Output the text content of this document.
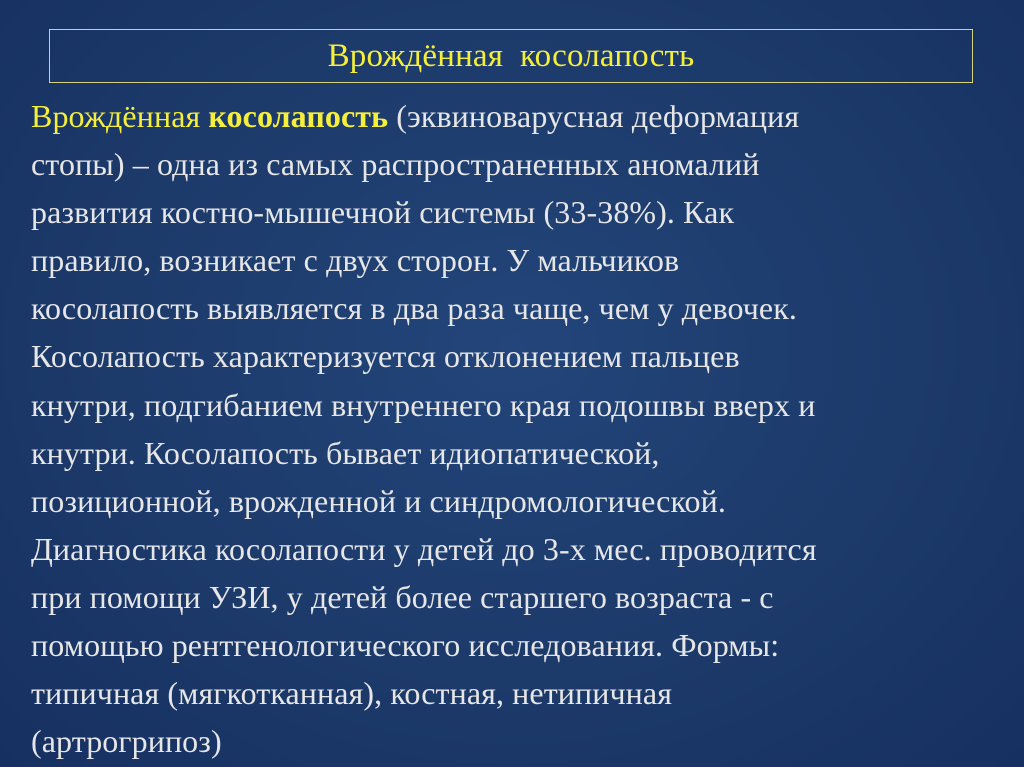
Врождённая  косолапость
Врождённая косолапость (эквиноварусная деформация
стопы) – одна из самых распространенных аномалий
развития костно-мышечной системы (33-38%). Как
правило, возникает с двух сторон. У мальчиков
косолапость выявляется в два раза чаще, чем у девочек.
Косолапость характеризуется отклонением пальцев
кнутри, подгибанием внутреннего края подошвы вверх и
кнутри. Косолапость бывает идиопатической,
позиционной, врожденной и синдромологической.
Диагностика косолапости у детей до 3-х мес. проводится
при помощи УЗИ, у детей более старшего возраста - с
помощью рентгенологического исследования. Формы:
типичная (мягкотканная), костная, нетипичная
(артрогрипоз)
